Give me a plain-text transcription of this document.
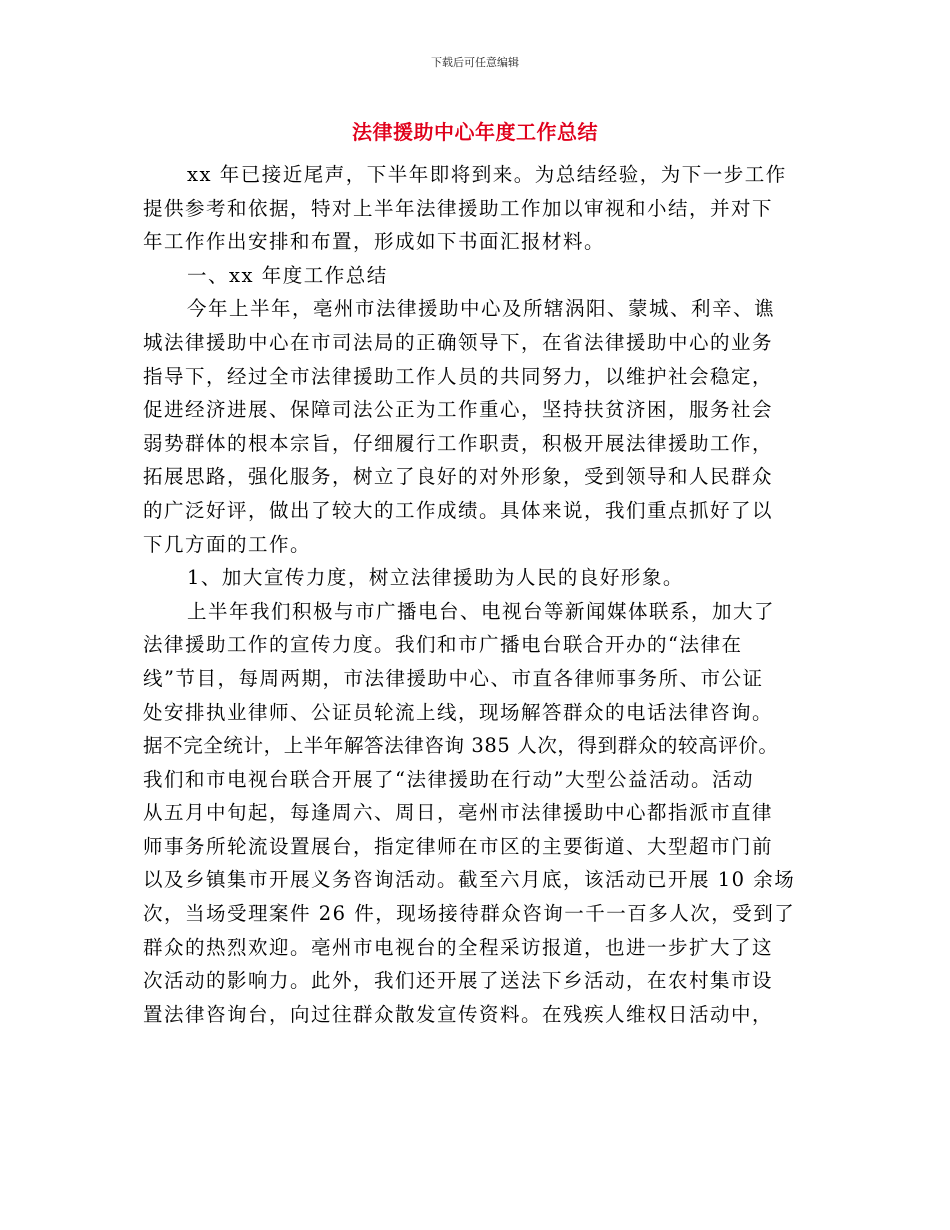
下载后可任意编辑
法律援助中心年度工作总结
xx 年已接近尾声，下半年即将到来。为总结经验，为下一步工作
提供参考和依据，特对上半年法律援助工作加以审视和小结，并对下
年工作作出安排和布置，形成如下书面汇报材料。
一、xx 年度工作总结
今年上半年，亳州市法律援助中心及所辖涡阳、蒙城、利辛、谯
城法律援助中心在市司法局的正确领导下，在省法律援助中心的业务
指导下，经过全市法律援助工作人员的共同努力，以维护社会稳定，
促进经济进展、保障司法公正为工作重心，坚持扶贫济困，服务社会
弱势群体的根本宗旨，仔细履行工作职责，积极开展法律援助工作，
拓展思路，强化服务，树立了良好的对外形象，受到领导和人民群众
的广泛好评，做出了较大的工作成绩。具体来说，我们重点抓好了以
下几方面的工作。
1、加大宣传力度，树立法律援助为人民的良好形象。
上半年我们积极与市广播电台、电视台等新闻媒体联系，加大了
法律援助工作的宣传力度。我们和市广播电台联合开办的“法律在
线”节目，每周两期，市法律援助中心、市直各律师事务所、市公证
处安排执业律师、公证员轮流上线，现场解答群众的电话法律咨询。
据不完全统计，上半年解答法律咨询 385 人次，得到群众的较高评价。
我们和市电视台联合开展了“法律援助在行动”大型公益活动。活动
从五月中旬起，每逢周六、周日，亳州市法律援助中心都指派市直律
师事务所轮流设置展台，指定律师在市区的主要街道、大型超市门前
以及乡镇集市开展义务咨询活动。截至六月底，该活动已开展 10 余场
次，当场受理案件 26 件，现场接待群众咨询一千一百多人次，受到了
群众的热烈欢迎。亳州市电视台的全程采访报道，也进一步扩大了这
次活动的影响力。此外，我们还开展了送法下乡活动，在农村集市设
置法律咨询台，向过往群众散发宣传资料。在残疾人维权日活动中，
